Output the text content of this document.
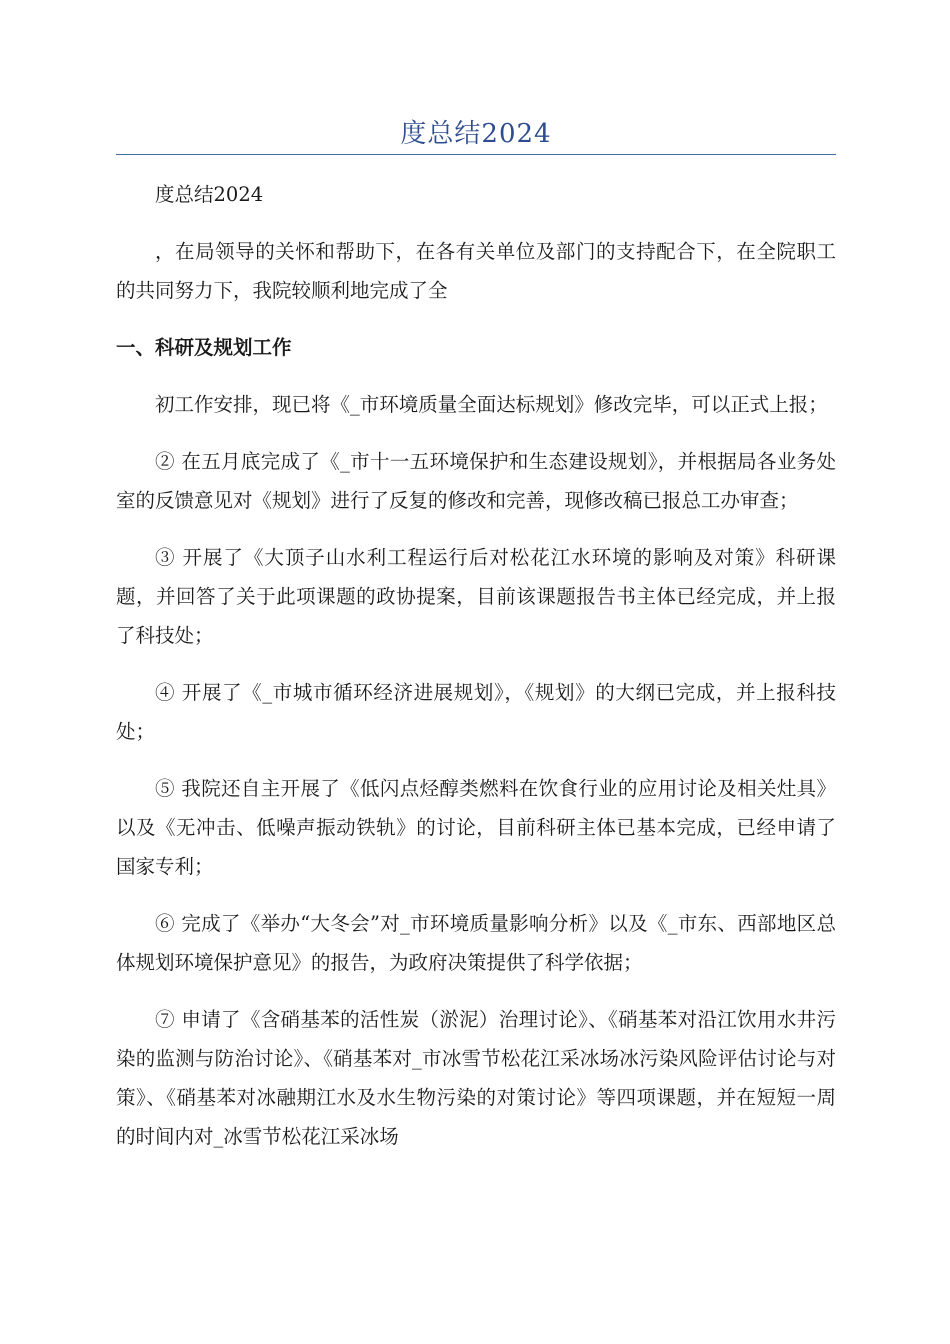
度总结2024

度总结2024

，在局领导的关怀和帮助下，在各有关单位及部门的支持配合下，在全院职工的共同努力下，我院较顺利地完成了全

一、科研及规划工作

初工作安排，现已将《_市环境质量全面达标规划》修改完毕，可以正式上报；

② 在五月底完成了《_市十一五环境保护和生态建设规划》，并根据局各业务处室的反馈意见对《规划》进行了反复的修改和完善，现修改稿已报总工办审查；

③ 开展了《大顶子山水利工程运行后对松花江水环境的影响及对策》科研课题，并回答了关于此项课题的政协提案，目前该课题报告书主体已经完成，并上报了科技处；

④ 开展了《_市城市循环经济进展规划》，《规划》的大纲已完成，并上报科技处；

⑤ 我院还自主开展了《低闪点烃醇类燃料在饮食行业的应用讨论及相关灶具》以及《无冲击、低噪声振动铁轨》的讨论，目前科研主体已基本完成，已经申请了国家专利；

⑥ 完成了《举办“大冬会”对_市环境质量影响分析》以及《_市东、西部地区总体规划环境保护意见》的报告，为政府决策提供了科学依据；

⑦ 申请了《含硝基苯的活性炭（淤泥）治理讨论》、《硝基苯对沿江饮用水井污染的监测与防治讨论》、《硝基苯对_市冰雪节松花江采冰场冰污染风险评估讨论与对策》、《硝基苯对冰融期江水及水生物污染的对策讨论》等四项课题，并在短短一周的时间内对_冰雪节松花江采冰场
